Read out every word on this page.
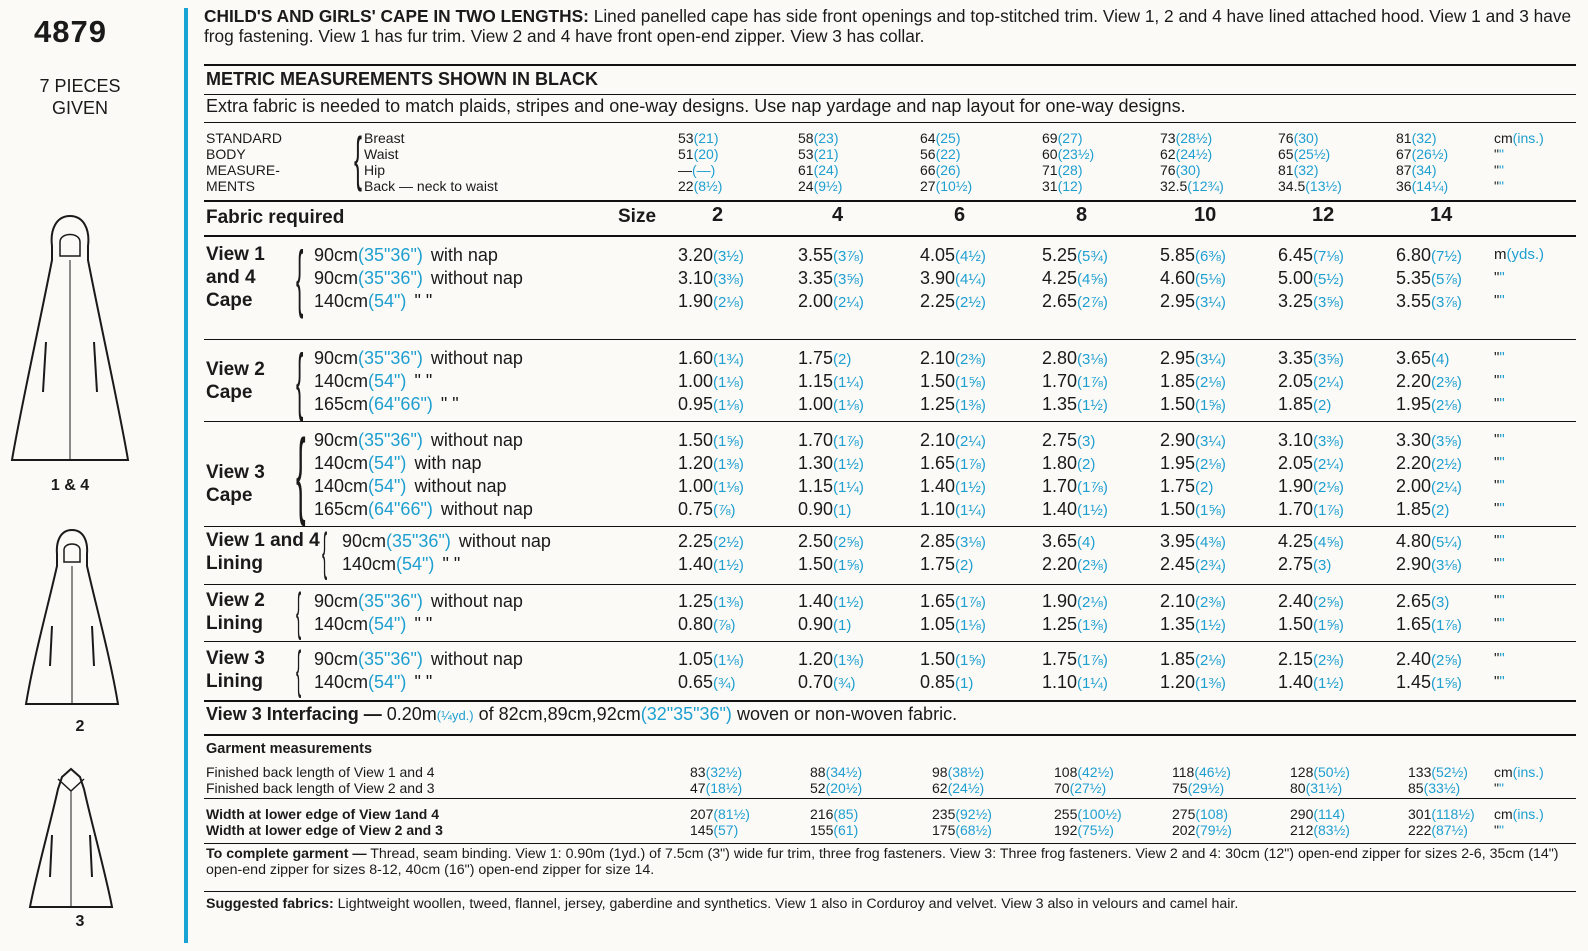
4879
7 PIECES
GIVEN
1 & 4
2
3
CHILD'S AND GIRLS' CAPE IN TWO LENGTHS: Lined panelled cape has side front openings and top-stitched trim. View 1, 2 and 4 have lined attached hood. View 1 and 3 have frog fastening. View 1 has fur trim. View 2 and 4 have front open-end zipper. View 3 has collar.
METRIC MEASUREMENTS SHOWN IN BLACK
Extra fabric is needed to match plaids, stripes and one-way designs. Use nap yardage and nap layout for one-way designs.
STANDARD
BODY
MEASURE-
MENTS { Breast	53(21)	58(23)	64(25)	69(27)	73(28½)	76(30)	81(32)	cm(ins.)
Waist	51(20)	53(21)	56(22)	60(23½)	62(24½)	65(25½)	67(26½)	""
Hip	—(—)	61(24)	66(26)	71(28)	76(30)	81(32)	87(34)	""
Back — neck to waist	22(8½)	24(9½)	27(10½)	31(12)	32.5(12¾)	34.5(13½)	36(14¼)	""
Fabric required	Size	2	4	6	8	10	12	14
View 1
and 4
Cape { 90cm(35"36") with nap	3.20(3½)	3.55(3⅞)	4.05(4½)	5.25(5¾)	5.85(6⅜)	6.45(7⅛)	6.80(7½) m(yds.)
90cm(35"36") without nap	3.10(3⅜)	3.35(3⅝)	3.90(4¼)	4.25(4⅝)	4.60(5⅛)	5.00(5½)	5.35(5⅞) ""
140cm(54") " "	1.90(2⅛)	2.00(2¼)	2.25(2½)	2.65(2⅞)	2.95(3¼)	3.25(3⅝)	3.55(3⅞) ""
View 2
Cape { 90cm(35"36") without nap	1.60(1¾)	1.75(2)	2.10(2⅜)	2.80(3⅛)	2.95(3¼)	3.35(3⅝)	3.65(4)	""
140cm(54") " "	1.00(1⅛)	1.15(1¼)	1.50(1⅝)	1.70(1⅞)	1.85(2⅛)	2.05(2¼)	2.20(2⅜) ""
165cm(64"66") " "	0.95(1⅛)	1.00(1⅛)	1.25(1⅜)	1.35(1½)	1.50(1⅝)	1.85(2)	1.95(2⅛) ""
View 3
Cape { 90cm(35"36") without nap	1.50(1⅝)	1.70(1⅞)	2.10(2¼)	2.75(3)	2.90(3¼)	3.10(3⅜)	3.30(3⅝) ""
140cm(54") with nap	1.20(1⅜)	1.30(1½)	1.65(1⅞)	1.80(2)	1.95(2⅛)	2.05(2¼)	2.20(2½) ""
140cm(54") without nap	1.00(1⅛)	1.15(1¼)	1.40(1½)	1.70(1⅞)	1.75(2)	1.90(2⅛)	2.00(2¼) ""
165cm(64"66") without nap	0.75(⅞)	0.90(1)	1.10(1¼)	1.40(1½)	1.50(1⅝)	1.70(1⅞)	1.85(2)	""
View 1 and 4
Lining { 90cm(35"36") without nap	2.25(2½)	2.50(2⅝)	2.85(3⅛)	3.65(4)	3.95(4⅜)	4.25(4⅝)	4.80(5¼) ""
140cm(54") " "	1.40(1½)	1.50(1⅝)	1.75(2)	2.20(2⅜)	2.45(2¾)	2.75(3)	2.90(3⅛) ""
View 2
Lining { 90cm(35"36") without nap	1.25(1⅜)	1.40(1½)	1.65(1⅞)	1.90(2⅛)	2.10(2⅜)	2.40(2⅝)	2.65(3)	""
140cm(54") " "	0.80(⅞)	0.90(1)	1.05(1⅛)	1.25(1⅜)	1.35(1½)	1.50(1⅝)	1.65(1⅞) ""
View 3
Lining { 90cm(35"36") without nap	1.05(1⅛)	1.20(1⅜)	1.50(1⅝)	1.75(1⅞)	1.85(2⅛)	2.15(2⅜)	2.40(2⅝) ""
140cm(54") " "	0.65(¾)	0.70(¾)	0.85(1)	1.10(1¼)	1.20(1⅜)	1.40(1½)	1.45(1⅝) ""
View 3 Interfacing — 0.20m(¼yd.) of 82cm,89cm,92cm(32"35"36") woven or non-woven fabric.
Garment measurements
Finished back length of View 1 and 4	83(32½)	88(34½)	98(38½)	108(42½)	118(46½)	128(50½)	133(52½) cm(ins.)
Finished back length of View 2 and 3	47(18½)	52(20½)	62(24½)	70(27½)	75(29½)	80(31½)	85(33½) ""
Width at lower edge of View 1and 4	207(81½)	216(85)	235(92½)	255(100½)	275(108)	290(114)	301(118½) cm(ins.)
Width at lower edge of View 2 and 3	145(57)	155(61)	175(68½)	192(75½)	202(79½)	212(83½)	222(87½) ""
To complete garment — Thread, seam binding. View 1: 0.90m (1yd.) of 7.5cm (3") wide fur trim, three frog fasteners. View 3: Three frog fasteners. View 2 and 4: 30cm (12") open-end zipper for sizes 2-6, 35cm (14") open-end zipper for sizes 8-12, 40cm (16") open-end zipper for size 14.
Suggested fabrics: Lightweight woollen, tweed, flannel, jersey, gaberdine and synthetics. View 1 also in Corduroy and velvet. View 3 also in velours and camel hair.
